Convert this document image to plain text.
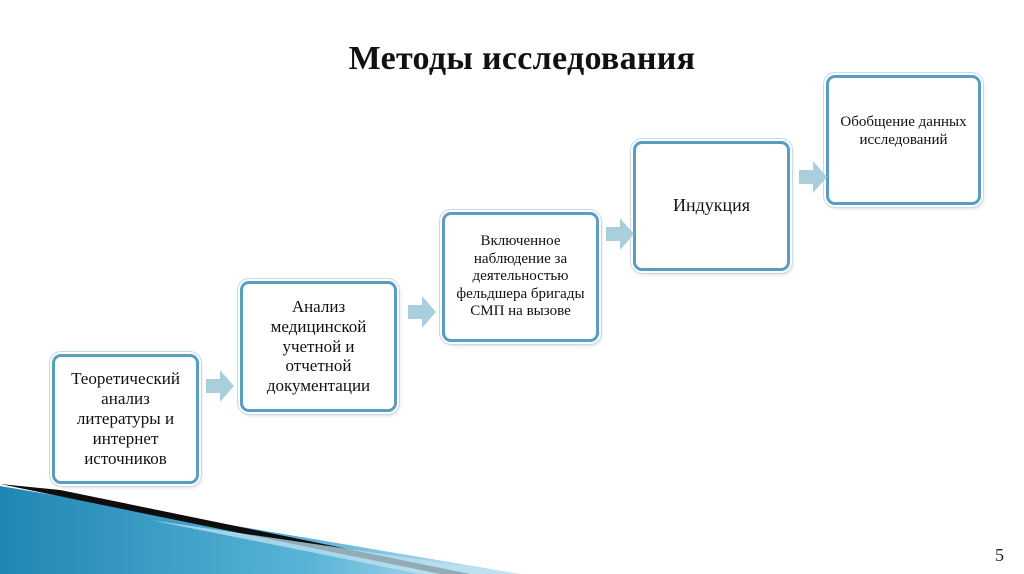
Методы исследования
Теоретический анализ литературы и интернет источников
Анализ медицинской учетной и отчетной документации
Включенное наблюдение за деятельностью фельдшера бригады СМП на вызове
Индукция
Обобщение данных исследований
5
